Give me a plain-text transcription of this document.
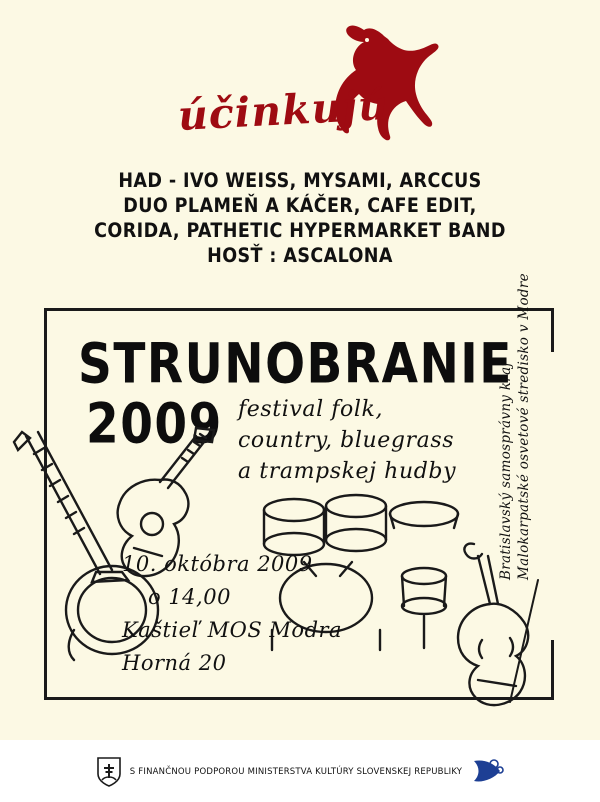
účinkujú
HAD - IVO WEISS, MYSAMI, ARCCUS
DUO PLAMEŇ A KÁČER, CAFE EDIT,
CORIDA, PATHETIC HYPERMARKET BAND
HOSŤ : ASCALONA
STRUNOBRANIE
2009 festival folk,
country, bluegrass
a trampskej hudby
10. októbra 2009
o 14,00
Kaštieľ MOS Modra
Horná 20
Bratislavský samosprávny kraj Malokarpatské osvetové stredisko v Modre
S FINANČNOU PODPOROU MINISTERSTVA KULTÚRY SLOVENSKEJ REPUBLIKY
